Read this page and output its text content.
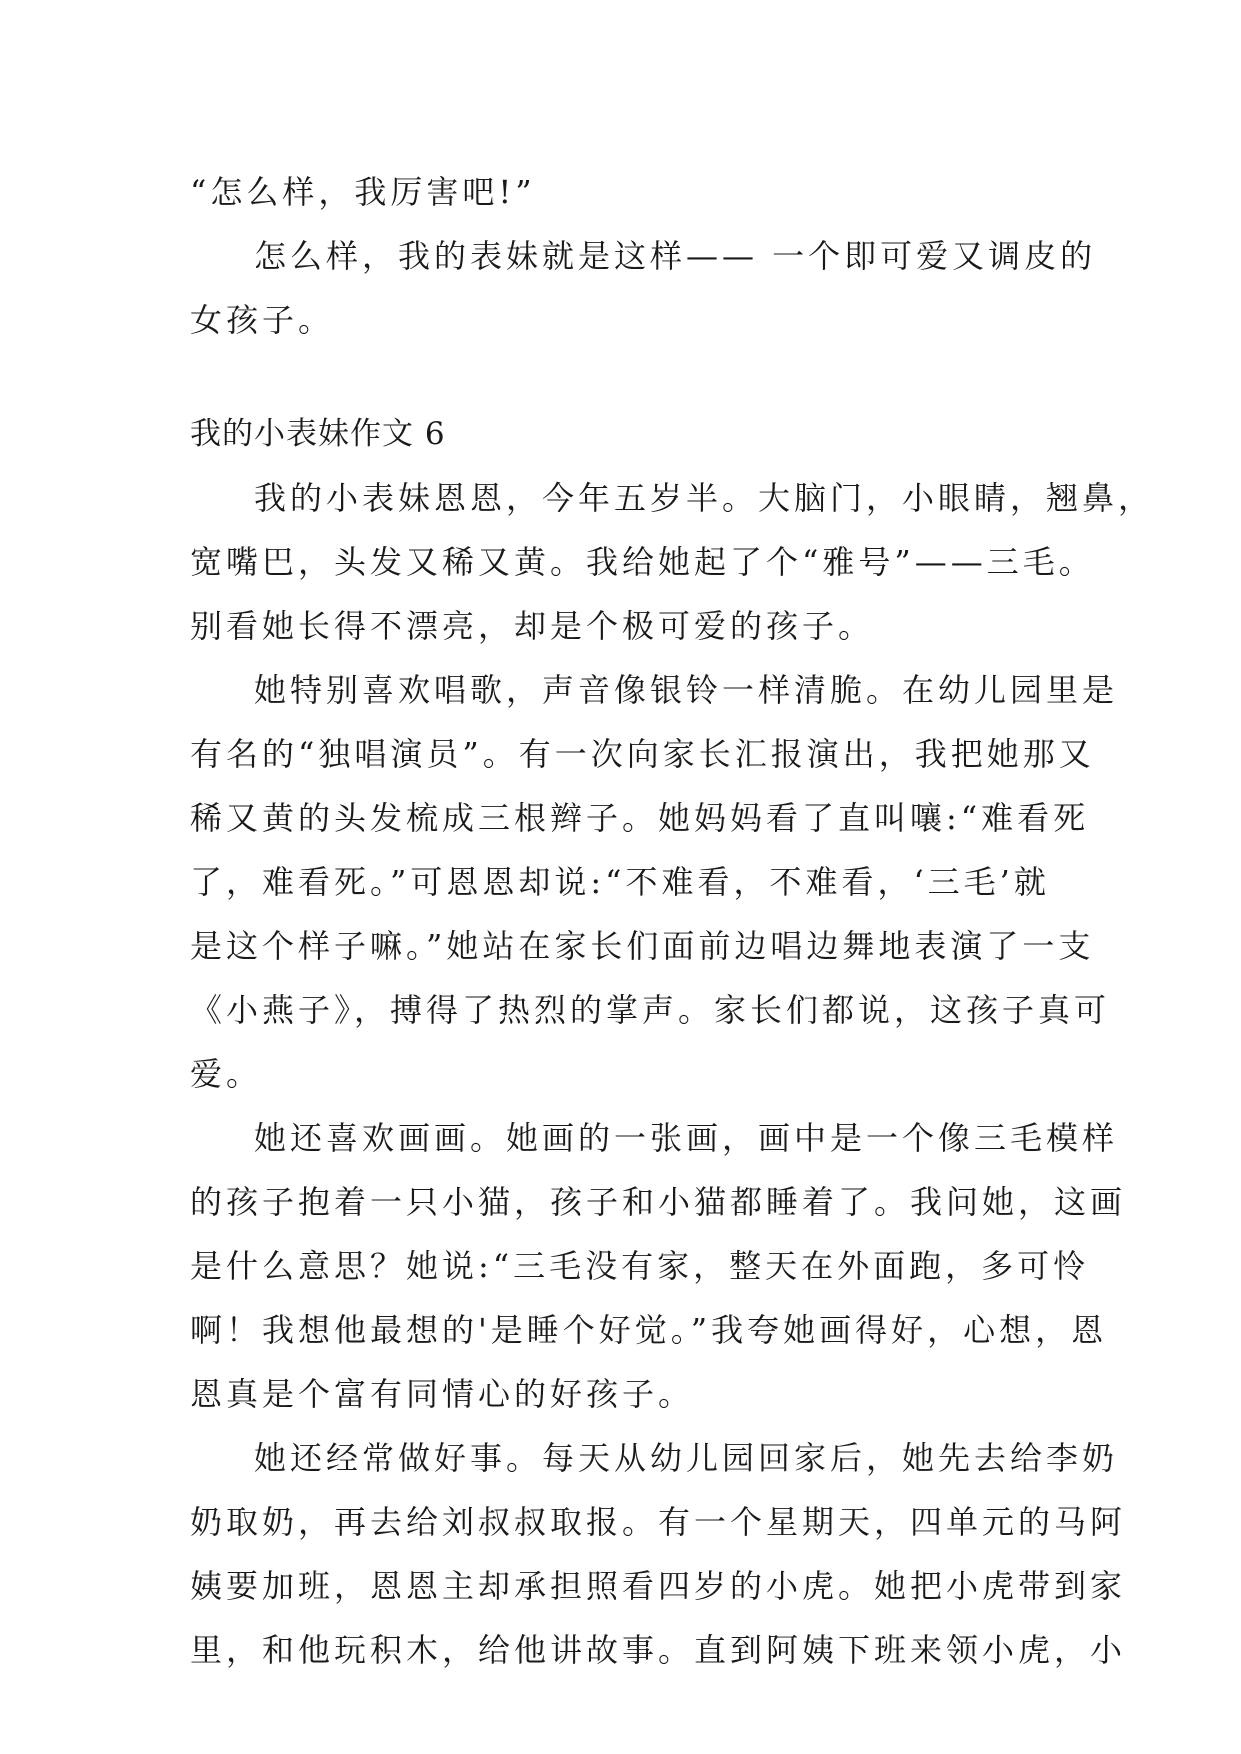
“怎么样，我厉害吧!”
怎么样，我的表妹就是这样—— 一个即可爱又调皮的
女孩子。
我的小表妹作文 6
我的小表妹恩恩，今年五岁半。大脑门，小眼睛，翘鼻，
宽嘴巴，头发又稀又黄。我给她起了个“雅号”——三毛。
别看她长得不漂亮，却是个极可爱的孩子。
她特别喜欢唱歌，声音像银铃一样清脆。在幼儿园里是
有名的“独唱演员”。有一次向家长汇报演出，我把她那又
稀又黄的头发梳成三根辫子。她妈妈看了直叫嚷:“难看死
了，难看死。”可恩恩却说:“不难看，不难看，‘三毛’就
是这个样子嘛。”她站在家长们面前边唱边舞地表演了一支
《小燕子》，搏得了热烈的掌声。家长们都说，这孩子真可
爱。
她还喜欢画画。她画的一张画，画中是一个像三毛模样
的孩子抱着一只小猫，孩子和小猫都睡着了。我问她，这画
是什么意思？她说:“三毛没有家，整天在外面跑，多可怜
啊！我想他最想的'是睡个好觉。”我夸她画得好，心想，恩
恩真是个富有同情心的好孩子。
她还经常做好事。每天从幼儿园回家后，她先去给李奶
奶取奶，再去给刘叔叔取报。有一个星期天，四单元的马阿
姨要加班，恩恩主却承担照看四岁的小虎。她把小虎带到家
里，和他玩积木，给他讲故事。直到阿姨下班来领小虎，小
